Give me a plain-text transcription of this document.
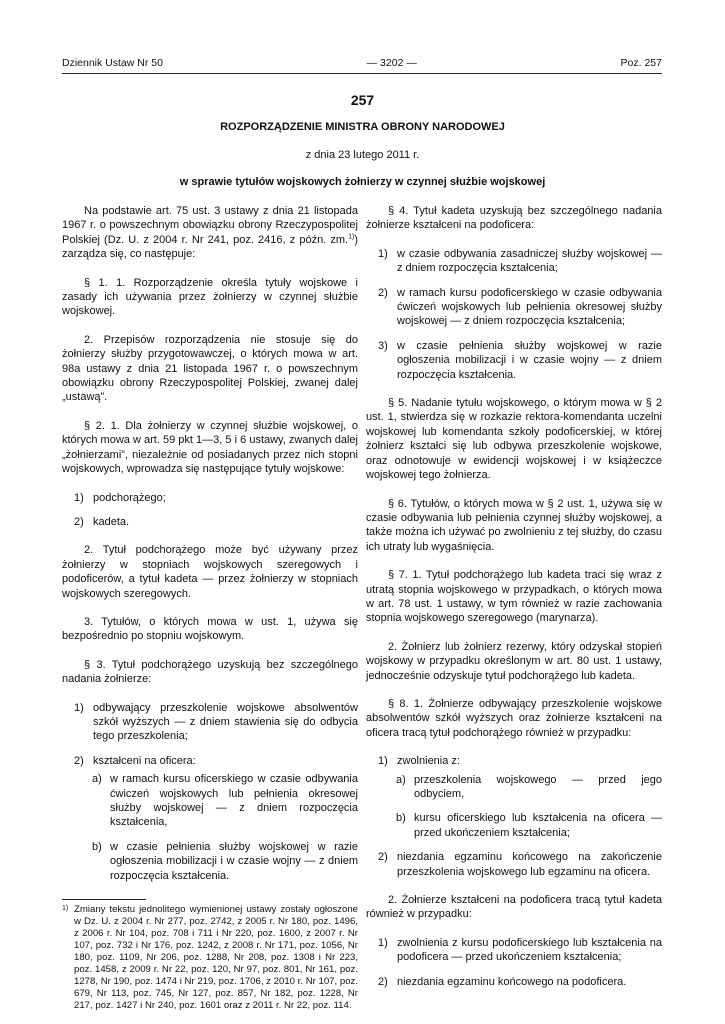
Dziennik Ustaw Nr 50	— 3202 —	Poz. 257
257
ROZPORZĄDZENIE MINISTRA OBRONY NARODOWEJ
z dnia 23 lutego 2011 r.
w sprawie tytułów wojskowych żołnierzy w czynnej służbie wojskowej

Na podstawie art. 75 ust. 3 ustawy z dnia 21 listopada 1967 r. o powszechnym obowiązku obrony Rzeczypospolitej Polskiej (Dz. U. z 2004 r. Nr 241, poz. 2416, z późn. zm.$^{1)}$) zarządza się, co następuje:

§ 1. 1. Rozporządzenie określa tytuły wojskowe i zasady ich używania przez żołnierzy w czynnej służbie wojskowej.

2. Przepisów rozporządzenia nie stosuje się do żołnierzy służby przygotowawczej, o których mowa w art. 98a ustawy z dnia 21 listopada 1967 r. o powszechnym obowiązku obrony Rzeczypospolitej Polskiej, zwanej dalej „ustawą”.

§ 2. 1. Dla żołnierzy w czynnej służbie wojskowej, o których mowa w art. 59 pkt 1—3, 5 i 6 ustawy, zwanych dalej „żołnierzami”, niezależnie od posiadanych przez nich stopni wojskowych, wprowadza się następujące tytuły wojskowe:

1) podchorążego;
2) kadeta.

2. Tytuł podchorążego może być używany przez żołnierzy w stopniach wojskowych szeregowych i podoficerów, a tytuł kadeta — przez żołnierzy w stopniach wojskowych szeregowych.

3. Tytułów, o których mowa w ust. 1, używa się bezpośrednio po stopniu wojskowym.

§ 3. Tytuł podchorążego uzyskują bez szczególnego nadania żołnierze:

1) odbywający przeszkolenie wojskowe absolwentów szkół wyższych — z dniem stawienia się do odbycia tego przeszkolenia;
2) kształceni na oficera:
a) w ramach kursu oficerskiego w czasie odbywania ćwiczeń wojskowych lub pełnienia okresowej służby wojskowej — z dniem rozpoczęcia kształcenia,
b) w czasie pełnienia służby wojskowej w razie ogłoszenia mobilizacji i w czasie wojny — z dniem rozpoczęcia kształcenia.
1) Zmiany tekstu jednolitego wymienionej ustawy zostały ogłoszone w Dz. U. z 2004 r. Nr 277, poz. 2742, z 2005 r. Nr 180, poz. 1496, z 2006 r. Nr 104, poz. 708 i 711 i Nr 220, poz. 1600, z 2007 r. Nr 107, poz. 732 i Nr 176, poz. 1242, z 2008 r. Nr 171, poz. 1056, Nr 180, poz. 1109, Nr 206, poz. 1288, Nr 208, poz. 1308 i Nr 223, poz. 1458, z 2009 r. Nr 22, poz. 120, Nr 97, poz. 801, Nr 161, poz. 1278, Nr 190, poz. 1474 i Nr 219, poz. 1706, z 2010 r. Nr 107, poz. 679, Nr 113, poz. 745, Nr 127, poz. 857, Nr 182, poz. 1228, Nr 217, poz. 1427 i Nr 240, poz. 1601 oraz z 2011 r. Nr 22, poz. 114.

§ 4. Tytuł kadeta uzyskują bez szczególnego nadania żołnierze kształceni na podoficera:

1) w czasie odbywania zasadniczej służby wojskowej — z dniem rozpoczęcia kształcenia;
2) w ramach kursu podoficerskiego w czasie odbywania ćwiczeń wojskowych lub pełnienia okresowej służby wojskowej — z dniem rozpoczęcia kształcenia;
3) w czasie pełnienia służby wojskowej w razie ogłoszenia mobilizacji i w czasie wojny — z dniem rozpoczęcia kształcenia.

§ 5. Nadanie tytułu wojskowego, o którym mowa w § 2 ust. 1, stwierdza się w rozkazie rektora-komendanta uczelni wojskowej lub komendanta szkoły podoficerskiej, w której żołnierz kształci się lub odbywa przeszkolenie wojskowe, oraz odnotowuje w ewidencji wojskowej i w książeczce wojskowej tego żołnierza.

§ 6. Tytułów, o których mowa w § 2 ust. 1, używa się w czasie odbywania lub pełnienia czynnej służby wojskowej, a także można ich używać po zwolnieniu z tej służby, do czasu ich utraty lub wygaśnięcia.

§ 7. 1. Tytuł podchorążego lub kadeta traci się wraz z utratą stopnia wojskowego w przypadkach, o których mowa w art. 78 ust. 1 ustawy, w tym również w razie zachowania stopnia wojskowego szeregowego (marynarza).

2. Żołnierz lub żołnierz rezerwy, który odzyskał stopień wojskowy w przypadku określonym w art. 80 ust. 1 ustawy, jednocześnie odzyskuje tytuł podchorążego lub kadeta.

§ 8. 1. Żołnierze odbywający przeszkolenie wojskowe absolwentów szkół wyższych oraz żołnierze kształceni na oficera tracą tytuł podchorążego również w przypadku:

1) zwolnienia z:
a) przeszkolenia wojskowego — przed jego odbyciem,
b) kursu oficerskiego lub kształcenia na oficera — przed ukończeniem kształcenia;
2) niezdania egzaminu końcowego na zakończenie przeszkolenia wojskowego lub egzaminu na oficera.

2. Żołnierze kształceni na podoficera tracą tytuł kadeta również w przypadku:

1) zwolnienia z kursu podoficerskiego lub kształcenia na podoficera — przed ukończeniem kształcenia;
2) niezdania egzaminu końcowego na podoficera.
